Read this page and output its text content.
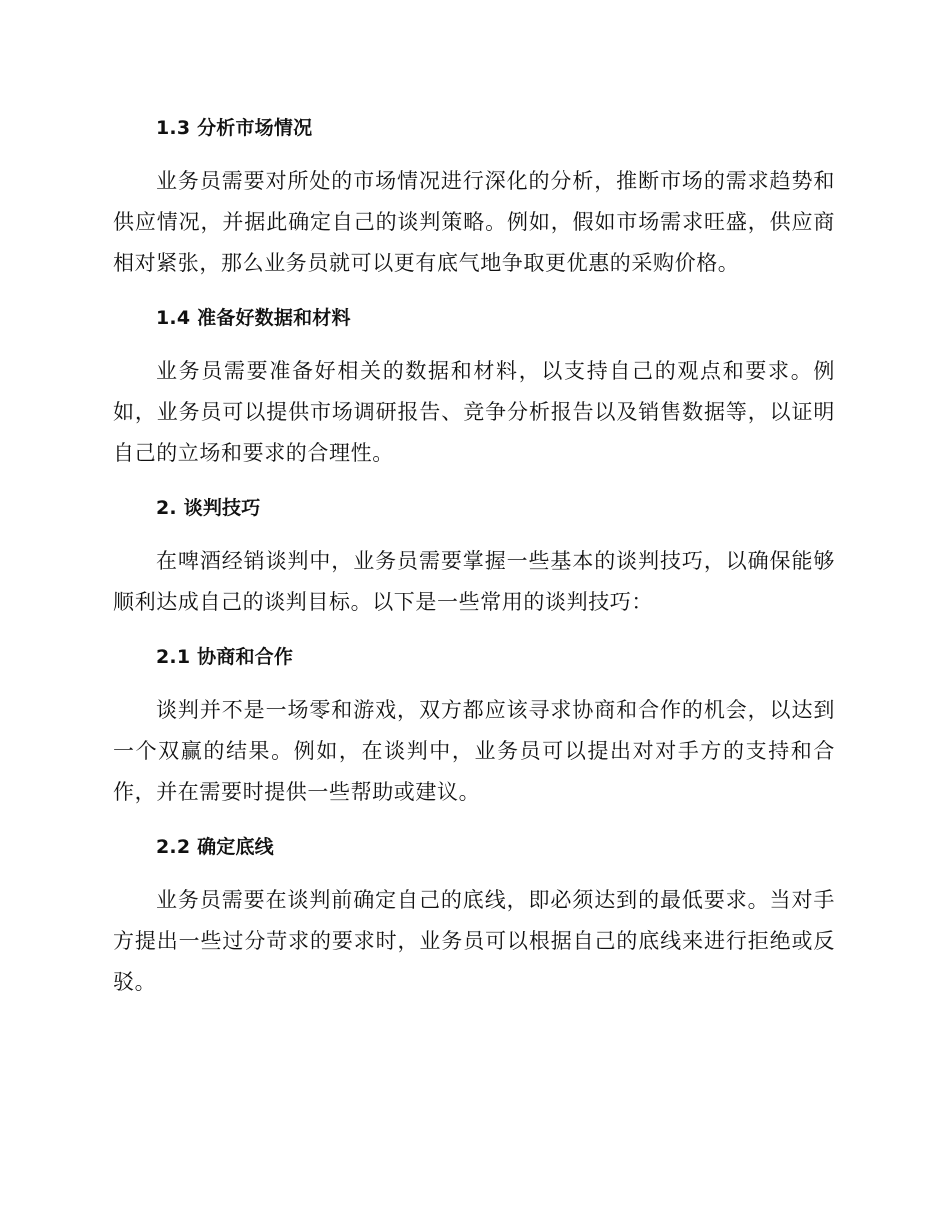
1.3 分析市场情况

业务员需要对所处的市场情况进行深化的分析，推断市场的需求趋势和供应情况，并据此确定自己的谈判策略。例如，假如市场需求旺盛，供应商相对紧张，那么业务员就可以更有底气地争取更优惠的采购价格。

1.4 准备好数据和材料

业务员需要准备好相关的数据和材料，以支持自己的观点和要求。例如，业务员可以提供市场调研报告、竞争分析报告以及销售数据等，以证明自己的立场和要求的合理性。

2. 谈判技巧

在啤酒经销谈判中，业务员需要掌握一些基本的谈判技巧，以确保能够顺利达成自己的谈判目标。以下是一些常用的谈判技巧：

2.1 协商和合作

谈判并不是一场零和游戏，双方都应该寻求协商和合作的机会，以达到一个双赢的结果。例如，在谈判中，业务员可以提出对对手方的支持和合作，并在需要时提供一些帮助或建议。

2.2 确定底线

业务员需要在谈判前确定自己的底线，即必须达到的最低要求。当对手方提出一些过分苛求的要求时，业务员可以根据自己的底线来进行拒绝或反驳。
